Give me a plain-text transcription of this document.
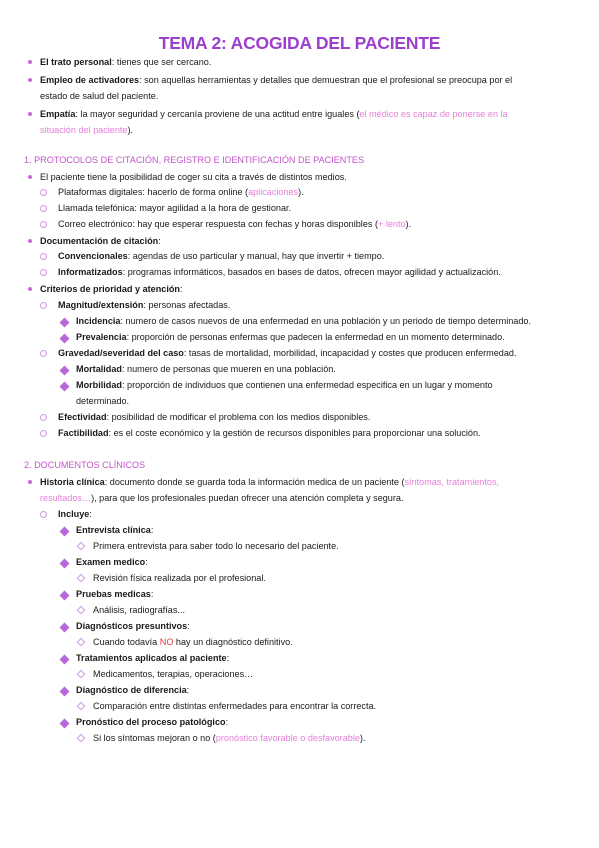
TEMA 2: ACOGIDA DEL PACIENTE
El trato personal: tienes que ser cercano.
Empleo de activadores: son aquellas herramientas y detalles que demuestran que el profesional se preocupa por el
estado de salud del paciente.
Empatía: la mayor seguridad y cercanía proviene de una actitud entre iguales (el médico es capaz de ponerse en la
situación del paciente).
1. PROTOCOLOS DE CITACIÓN, REGISTRO E IDENTIFICACIÓN DE PACIENTES
El paciente tiene la posibilidad de coger su cita a través de distintos medios.
Plataformas digitales: hacerlo de forma online (aplicaciones).
Llamada telefónica: mayor agilidad a la hora de gestionar.
Correo electrónico: hay que esperar respuesta con fechas y horas disponibles (+ lento).
Documentación de citación:
Convencionales: agendas de uso particular y manual, hay que invertir + tiempo.
Informatizados: programas informáticos, basados en bases de datos, ofrecen mayor agilidad y actualización.
Criterios de prioridad y atención:
Magnitud/extensión: personas afectadas.
Incidencia: numero de casos nuevos de una enfermedad en una población y un periodo de tiempo determinado.
Prevalencia: proporción de personas enfermas que padecen la enfermedad en un momento determinado.
Gravedad/severidad del caso: tasas de mortalidad, morbilidad, incapacidad y costes que producen enfermedad.
Mortalidad: numero de personas que mueren en una población.
Morbilidad: proporción de individuos que contienen una enfermedad especifica en un lugar y momento
determinado.
Efectividad: posibilidad de modificar el problema con los medios disponibles.
Factibilidad: es el coste económico y la gestión de recursos disponibles para proporcionar una solución.
2. DOCUMENTOS CLÍNICOS
Historia clínica: documento donde se guarda toda la información medica de un paciente (síntomas, tratamientos,
resultados…), para que los profesionales puedan ofrecer una atención completa y segura.
Incluye:
Entrevista clínica:
Primera entrevista para saber todo lo necesario del paciente.
Examen medico:
Revisión física realizada por el profesional.
Pruebas medicas:
Análisis, radiografías...
Diagnósticos presuntivos:
Cuando todavía NO hay un diagnóstico definitivo.
Tratamientos aplicados al paciente:
Medicamentos, terapias, operaciones…
Diagnóstico de diferencia:
Comparación entre distintas enfermedades para encontrar la correcta.
Pronóstico del proceso patológico:
Si los síntomas mejoran o no (pronóstico favorable o desfavorable).
